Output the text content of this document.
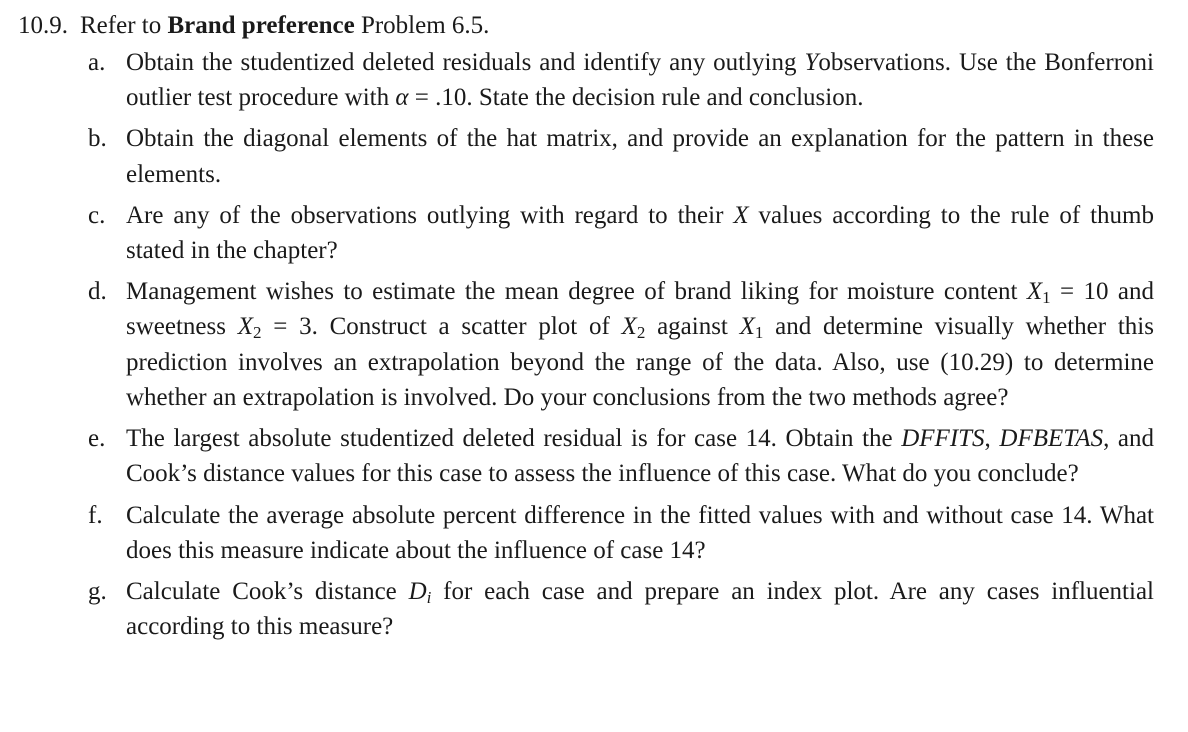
10.9. Refer to Brand preference Problem 6.5.
a. Obtain the studentized deleted residuals and identify any outlying Yobservations. Use the Bonferroni outlier test procedure with α = .10. State the decision rule and conclusion.
b. Obtain the diagonal elements of the hat matrix, and provide an explanation for the pattern in these elements.
c. Are any of the observations outlying with regard to their X values according to the rule of thumb stated in the chapter?
d. Management wishes to estimate the mean degree of brand liking for moisture content $X_1 = 10$ and sweetness $X_2 = 3$. Construct a scatter plot of $X_2$ against $X_1$ and determine visually whether this prediction involves an extrapolation beyond the range of the data. Also, use (10.29) to determine whether an extrapolation is involved. Do your conclusions from the two methods agree?
e. The largest absolute studentized deleted residual is for case 14. Obtain the DFFITS, DFBETAS, and Cook’s distance values for this case to assess the influence of this case. What do you conclude?
f. Calculate the average absolute percent difference in the fitted values with and without case 14. What does this measure indicate about the influence of case 14?
g. Calculate Cook’s distance $D_i$ for each case and prepare an index plot. Are any cases influential according to this measure?
